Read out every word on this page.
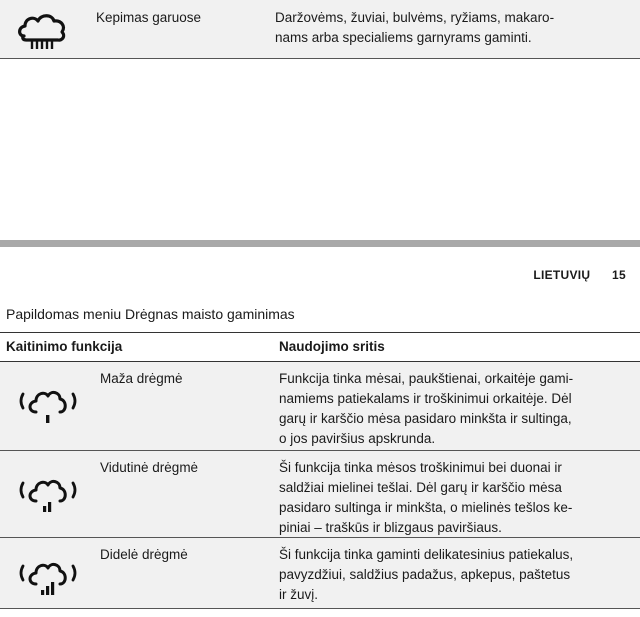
Kepimas garuose	Daržovėms, žuviai, bulvėms, ryžiams, makaro-
nams arba specialiems garnyrams gaminti.
LIETUVIŲ 15
Papildomas meniu Drėgnas maisto gaminimas
Kaitinimo funkcija	Naudojimo sritis
Maža drėgmė	Funkcija tinka mėsai, paukštienai, orkaitėje gami-
namiems patiekalams ir troškinimui orkaitėje. Dėl
garų ir karščio mėsa pasidaro minkšta ir sultinga,
o jos paviršius apskrunda.
Vidutinė drėgmė	Ši funkcija tinka mėsos troškinimui bei duonai ir
saldžiai mielinei tešlai. Dėl garų ir karščio mėsa
pasidaro sultinga ir minkšta, o mielinės tešlos ke-
piniai – traškūs ir blizgaus paviršiaus.
Didelė drėgmė	Ši funkcija tinka gaminti delikatesinius patiekalus,
pavyzdžiui, saldžius padažus, apkepus, paštetus
ir žuvį.
